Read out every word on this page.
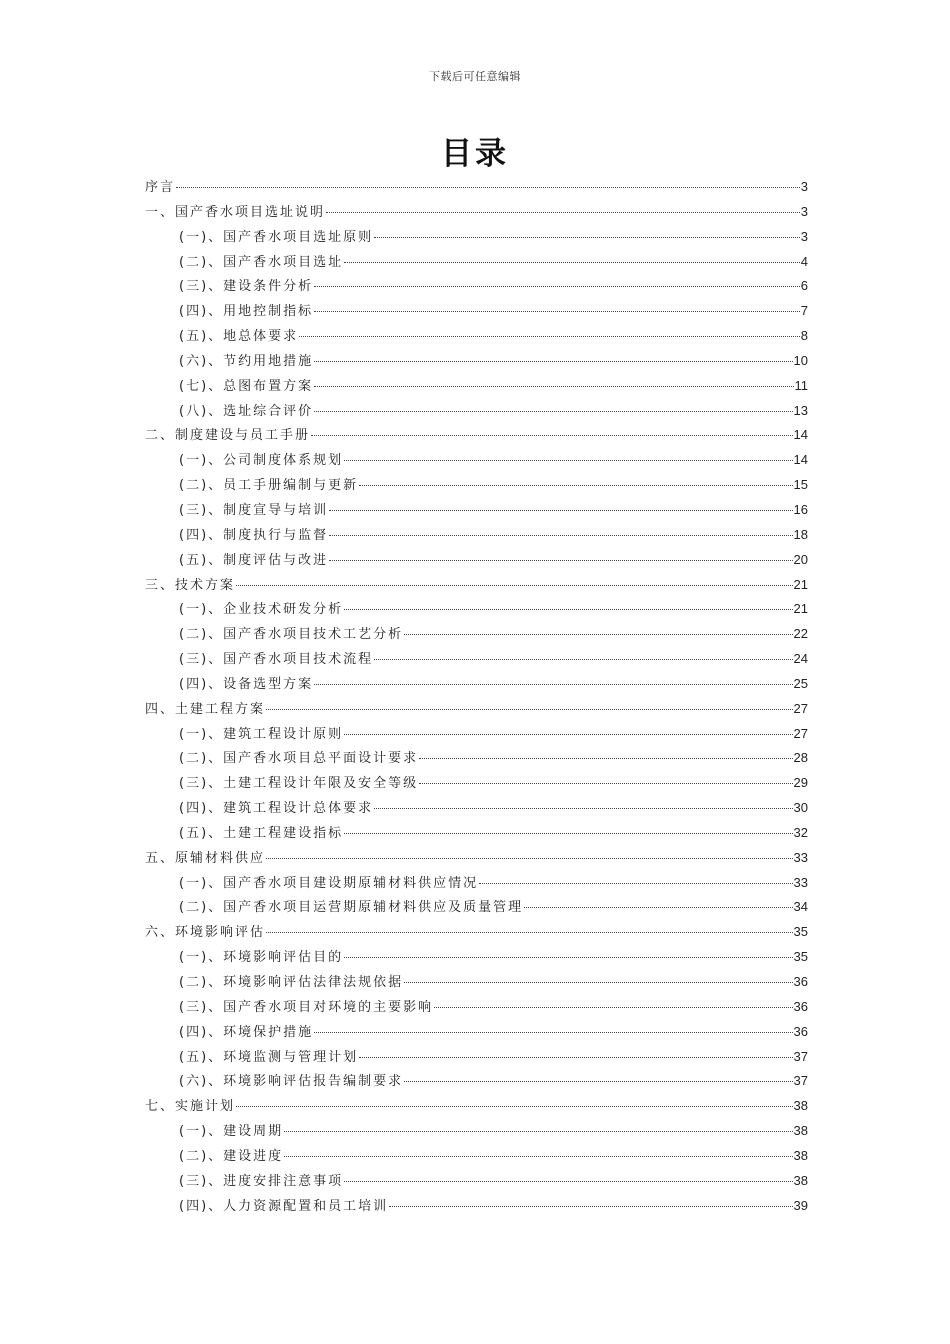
下载后可任意编辑
目录
序言	3
一、国产香水项目选址说明	3
(一)、国产香水项目选址原则	3
(二)、国产香水项目选址	4
(三)、建设条件分析	6
(四)、用地控制指标	7
(五)、地总体要求	8
(六)、节约用地措施	10
(七)、总图布置方案	11
(八)、选址综合评价	13
二、制度建设与员工手册	14
(一)、公司制度体系规划	14
(二)、员工手册编制与更新	15
(三)、制度宣导与培训	16
(四)、制度执行与监督	18
(五)、制度评估与改进	20
三、技术方案	21
(一)、企业技术研发分析	21
(二)、国产香水项目技术工艺分析	22
(三)、国产香水项目技术流程	24
(四)、设备选型方案	25
四、土建工程方案	27
(一)、建筑工程设计原则	27
(二)、国产香水项目总平面设计要求	28
(三)、土建工程设计年限及安全等级	29
(四)、建筑工程设计总体要求	30
(五)、土建工程建设指标	32
五、原辅材料供应	33
(一)、国产香水项目建设期原辅材料供应情况	33
(二)、国产香水项目运营期原辅材料供应及质量管理	34
六、环境影响评估	35
(一)、环境影响评估目的	35
(二)、环境影响评估法律法规依据	36
(三)、国产香水项目对环境的主要影响	36
(四)、环境保护措施	36
(五)、环境监测与管理计划	37
(六)、环境影响评估报告编制要求	37
七、实施计划	38
(一)、建设周期	38
(二)、建设进度	38
(三)、进度安排注意事项	38
(四)、人力资源配置和员工培训	39
